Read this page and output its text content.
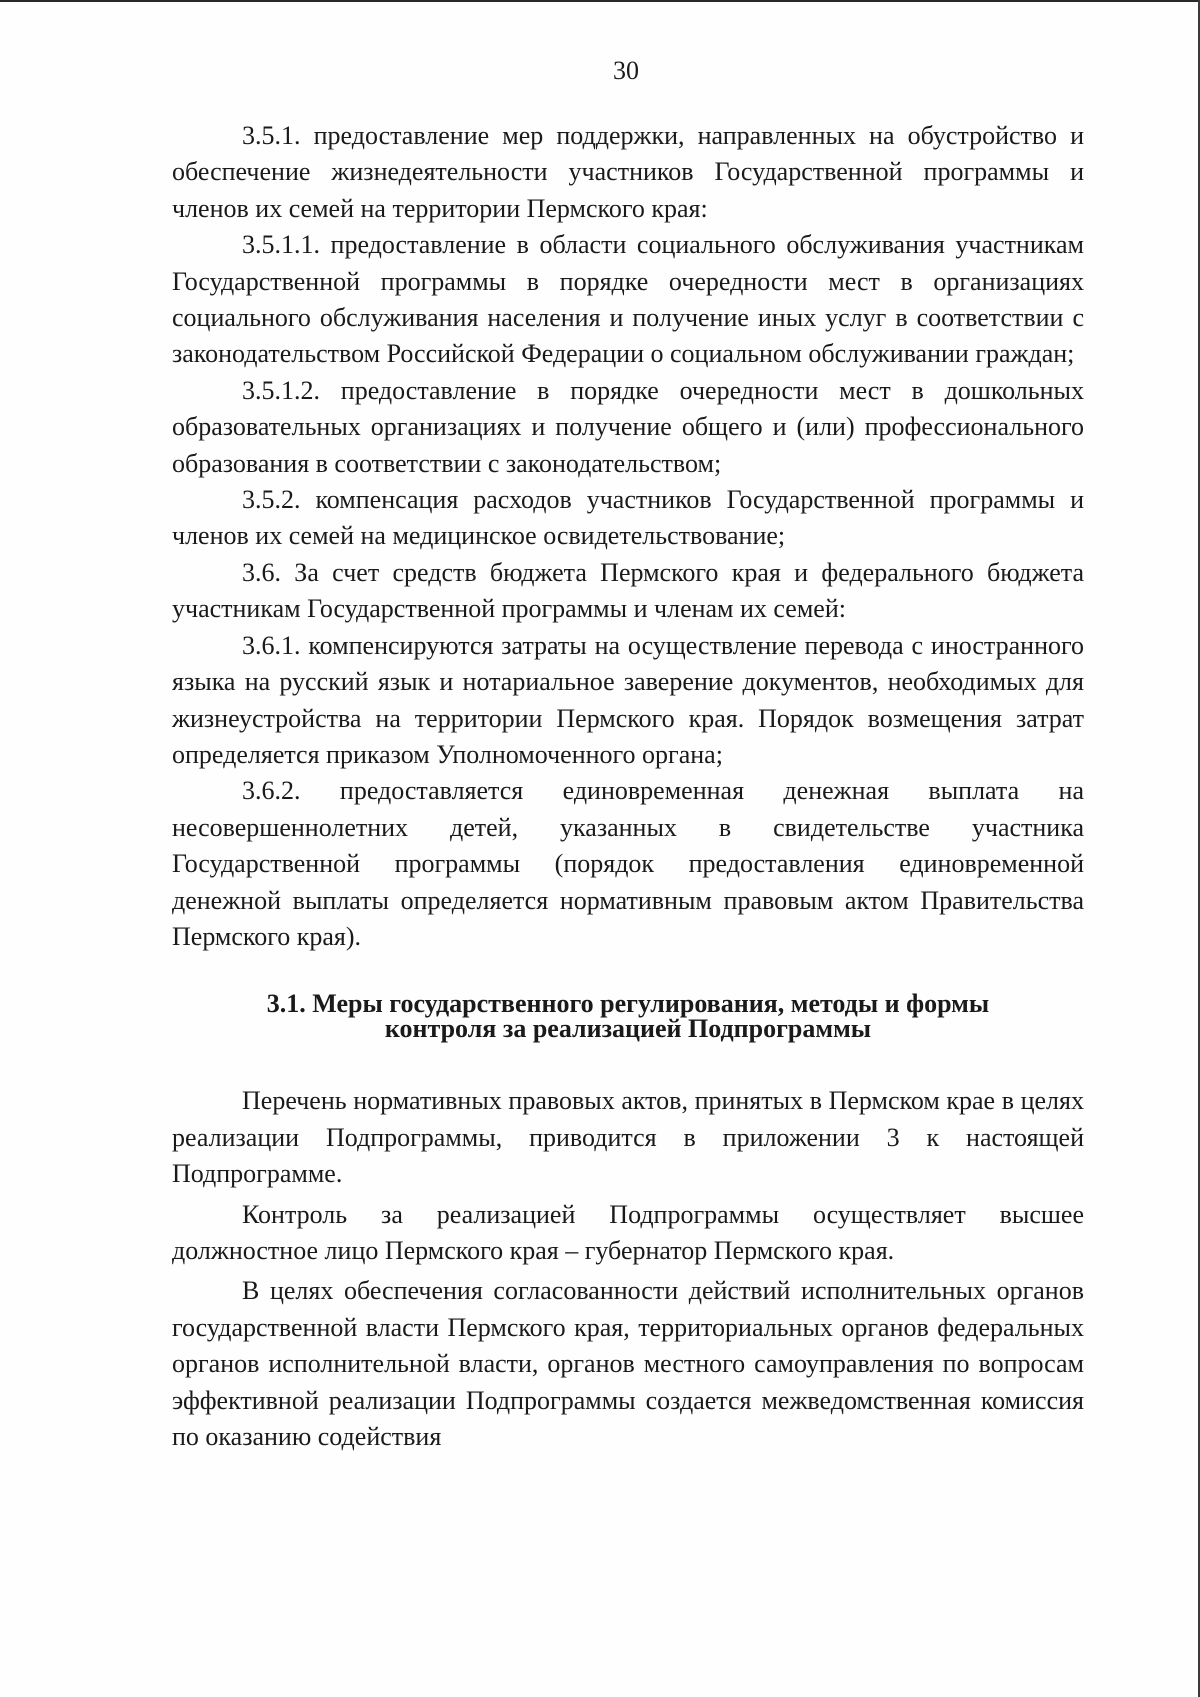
30

3.5.1. предоставление мер поддержки, направленных на обустройство и обеспечение жизнедеятельности участников Государственной программы и членов их семей на территории Пермского края:

3.5.1.1. предоставление в области социального обслуживания участникам Государственной программы в порядке очередности мест в организациях социального обслуживания населения и получение иных услуг в соответствии с законодательством Российской Федерации о социальном обслуживании граждан;

3.5.1.2. предоставление в порядке очередности мест в дошкольных образовательных организациях и получение общего и (или) профессионального образования в соответствии с законодательством;

3.5.2. компенсация расходов участников Государственной программы и членов их семей на медицинское освидетельствование;

3.6. За счет средств бюджета Пермского края и федерального бюджета участникам Государственной программы и членам их семей:

3.6.1. компенсируются затраты на осуществление перевода с иностранного языка на русский язык и нотариальное заверение документов, необходимых для жизнеустройства на территории Пермского края. Порядок возмещения затрат определяется приказом Уполномоченного органа;

3.6.2. предоставляется единовременная денежная выплата на несовершеннолетних детей, указанных в свидетельстве участника Государственной программы (порядок предоставления единовременной денежной выплаты определяется нормативным правовым актом Правительства Пермского края).

3.1. Меры государственного регулирования, методы и формы
контроля за реализацией Подпрограммы

Перечень нормативных правовых актов, принятых в Пермском крае в целях реализации Подпрограммы, приводится в приложении 3 к настоящей Подпрограмме.

Контроль за реализацией Подпрограммы осуществляет высшее должностное лицо Пермского края – губернатор Пермского края.

В целях обеспечения согласованности действий исполнительных органов государственной власти Пермского края, территориальных органов федеральных органов исполнительной власти, органов местного самоуправления по вопросам эффективной реализации Подпрограммы создается межведомственная комиссия по оказанию содействия
